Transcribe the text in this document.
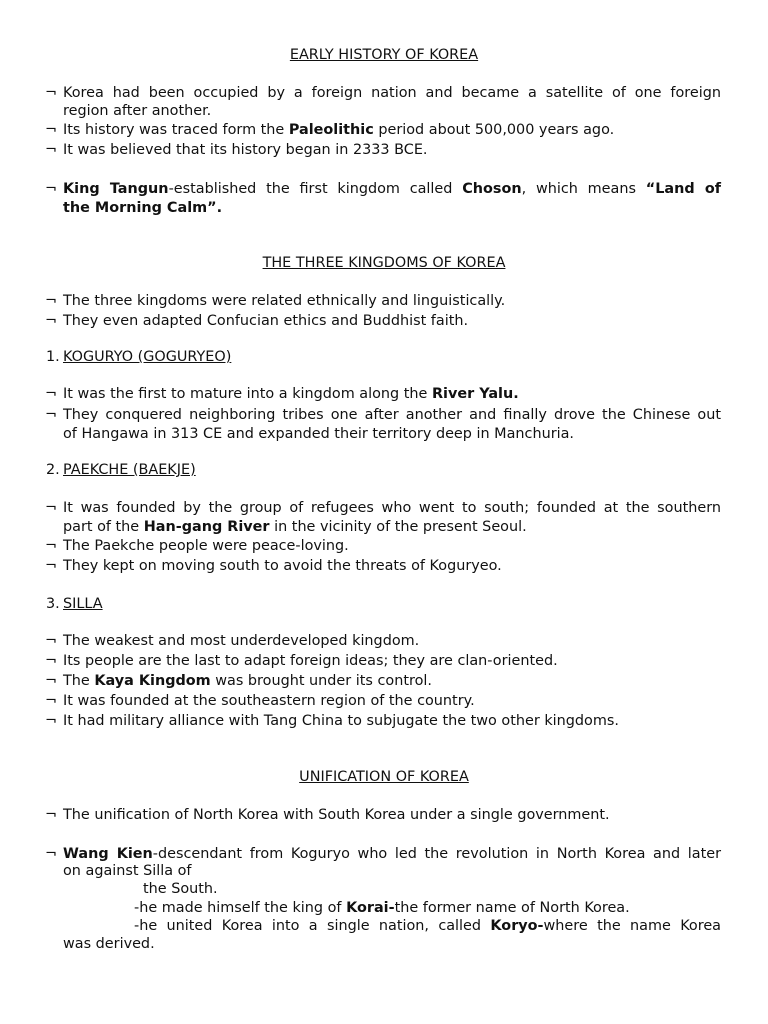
EARLY HISTORY OF KOREA
¬ Korea had been occupied by a foreign nation and became a satellite of one foreign
region after another.
¬ Its history was traced form the Paleolithic period about 500,000 years ago.
¬ It was believed that its history began in 2333 BCE.
¬ King Tangun-established the first kingdom called Choson, which means “Land of
the Morning Calm”.
THE THREE KINGDOMS OF KOREA
¬ The three kingdoms were related ethnically and linguistically.
¬ They even adapted Confucian ethics and Buddhist faith.
1. KOGURYO (GOGURYEO)
¬ It was the first to mature into a kingdom along the River Yalu.
¬ They conquered neighboring tribes one after another and finally drove the Chinese out
of Hangawa in 313 CE and expanded their territory deep in Manchuria.
2. PAEKCHE (BAEKJE)
¬ It was founded by the group of refugees who went to south; founded at the southern
part of the Han-gang River in the vicinity of the present Seoul.
¬ The Paekche people were peace-loving.
¬ They kept on moving south to avoid the threats of Koguryeo.
3. SILLA
¬ The weakest and most underdeveloped kingdom.
¬ Its people are the last to adapt foreign ideas; they are clan-oriented.
¬ The Kaya Kingdom was brought under its control.
¬ It was founded at the southeastern region of the country.
¬ It had military alliance with Tang China to subjugate the two other kingdoms.
UNIFICATION OF KOREA
¬ The unification of North Korea with South Korea under a single government.
¬ Wang Kien-descendant from Koguryo who led the revolution in North Korea and later
on against Silla of
the South.
-he made himself the king of Korai-the former name of North Korea.
-he united Korea into a single nation, called Koryo-where the name Korea
was derived.
